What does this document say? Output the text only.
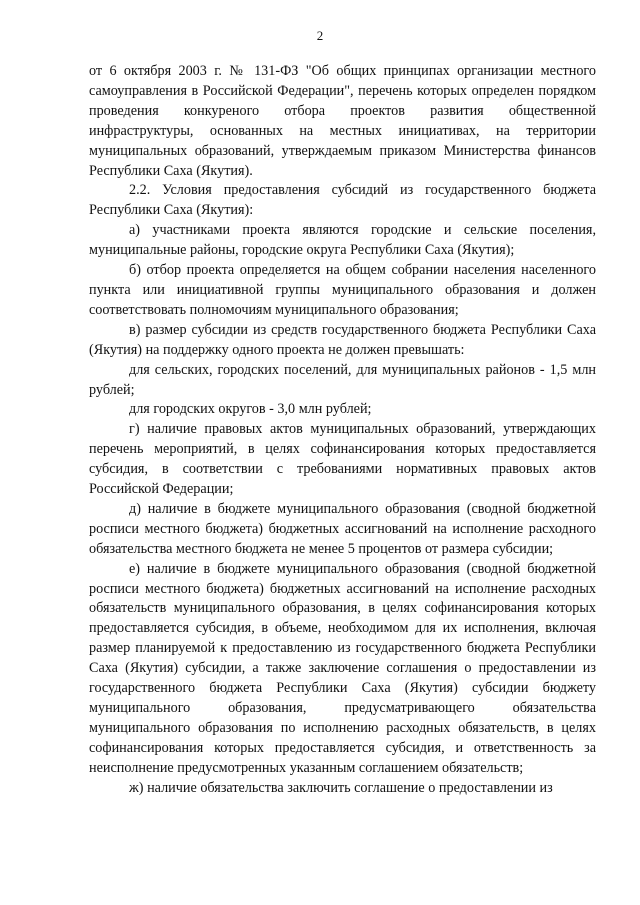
2

от 6 октября 2003 г. № 131-ФЗ "Об общих принципах организации местного самоуправления в Российской Федерации", перечень которых определен порядком проведения конкуреного отбора проектов развития общественной инфраструктуры, основанных на местных инициативах, на территории муниципальных образований, утверждаемым приказом Министерства финансов Республики Саха (Якутия).

2.2. Условия предоставления субсидий из государственного бюджета Республики Саха (Якутия):

а) участниками проекта являются городские и сельские поселения, муниципальные районы, городские округа Республики Саха (Якутия);

б) отбор проекта определяется на общем собрании населения населенного пункта или инициативной группы муниципального образования и должен соответствовать полномочиям муниципального образования;

в) размер субсидии из средств государственного бюджета Республики Саха (Якутия) на поддержку одного проекта не должен превышать:

для сельских, городских поселений, для муниципальных районов - 1,5 млн рублей;

для городских округов - 3,0 млн рублей;

г) наличие правовых актов муниципальных образований, утверждающих перечень мероприятий, в целях софинансирования которых предоставляется субсидия, в соответствии с требованиями нормативных правовых актов Российской Федерации;

д) наличие в бюджете муниципального образования (сводной бюджетной росписи местного бюджета) бюджетных ассигнований на исполнение расходного обязательства местного бюджета не менее 5 процентов от размера субсидии;

е) наличие в бюджете муниципального образования (сводной бюджетной росписи местного бюджета) бюджетных ассигнований на исполнение расходных обязательств муниципального образования, в целях софинансирования которых предоставляется субсидия, в объеме, необходимом для их исполнения, включая размер планируемой к предоставлению из государственного бюджета Республики Саха (Якутия) субсидии, а также заключение соглашения о предоставлении из государственного бюджета Республики Саха (Якутия) субсидии бюджету муниципального образования, предусматривающего обязательства муниципального образования по исполнению расходных обязательств, в целях софинансирования которых предоставляется субсидия, и ответственность за неисполнение предусмотренных указанным соглашением обязательств;

ж) наличие обязательства заключить соглашение о предоставлении из
